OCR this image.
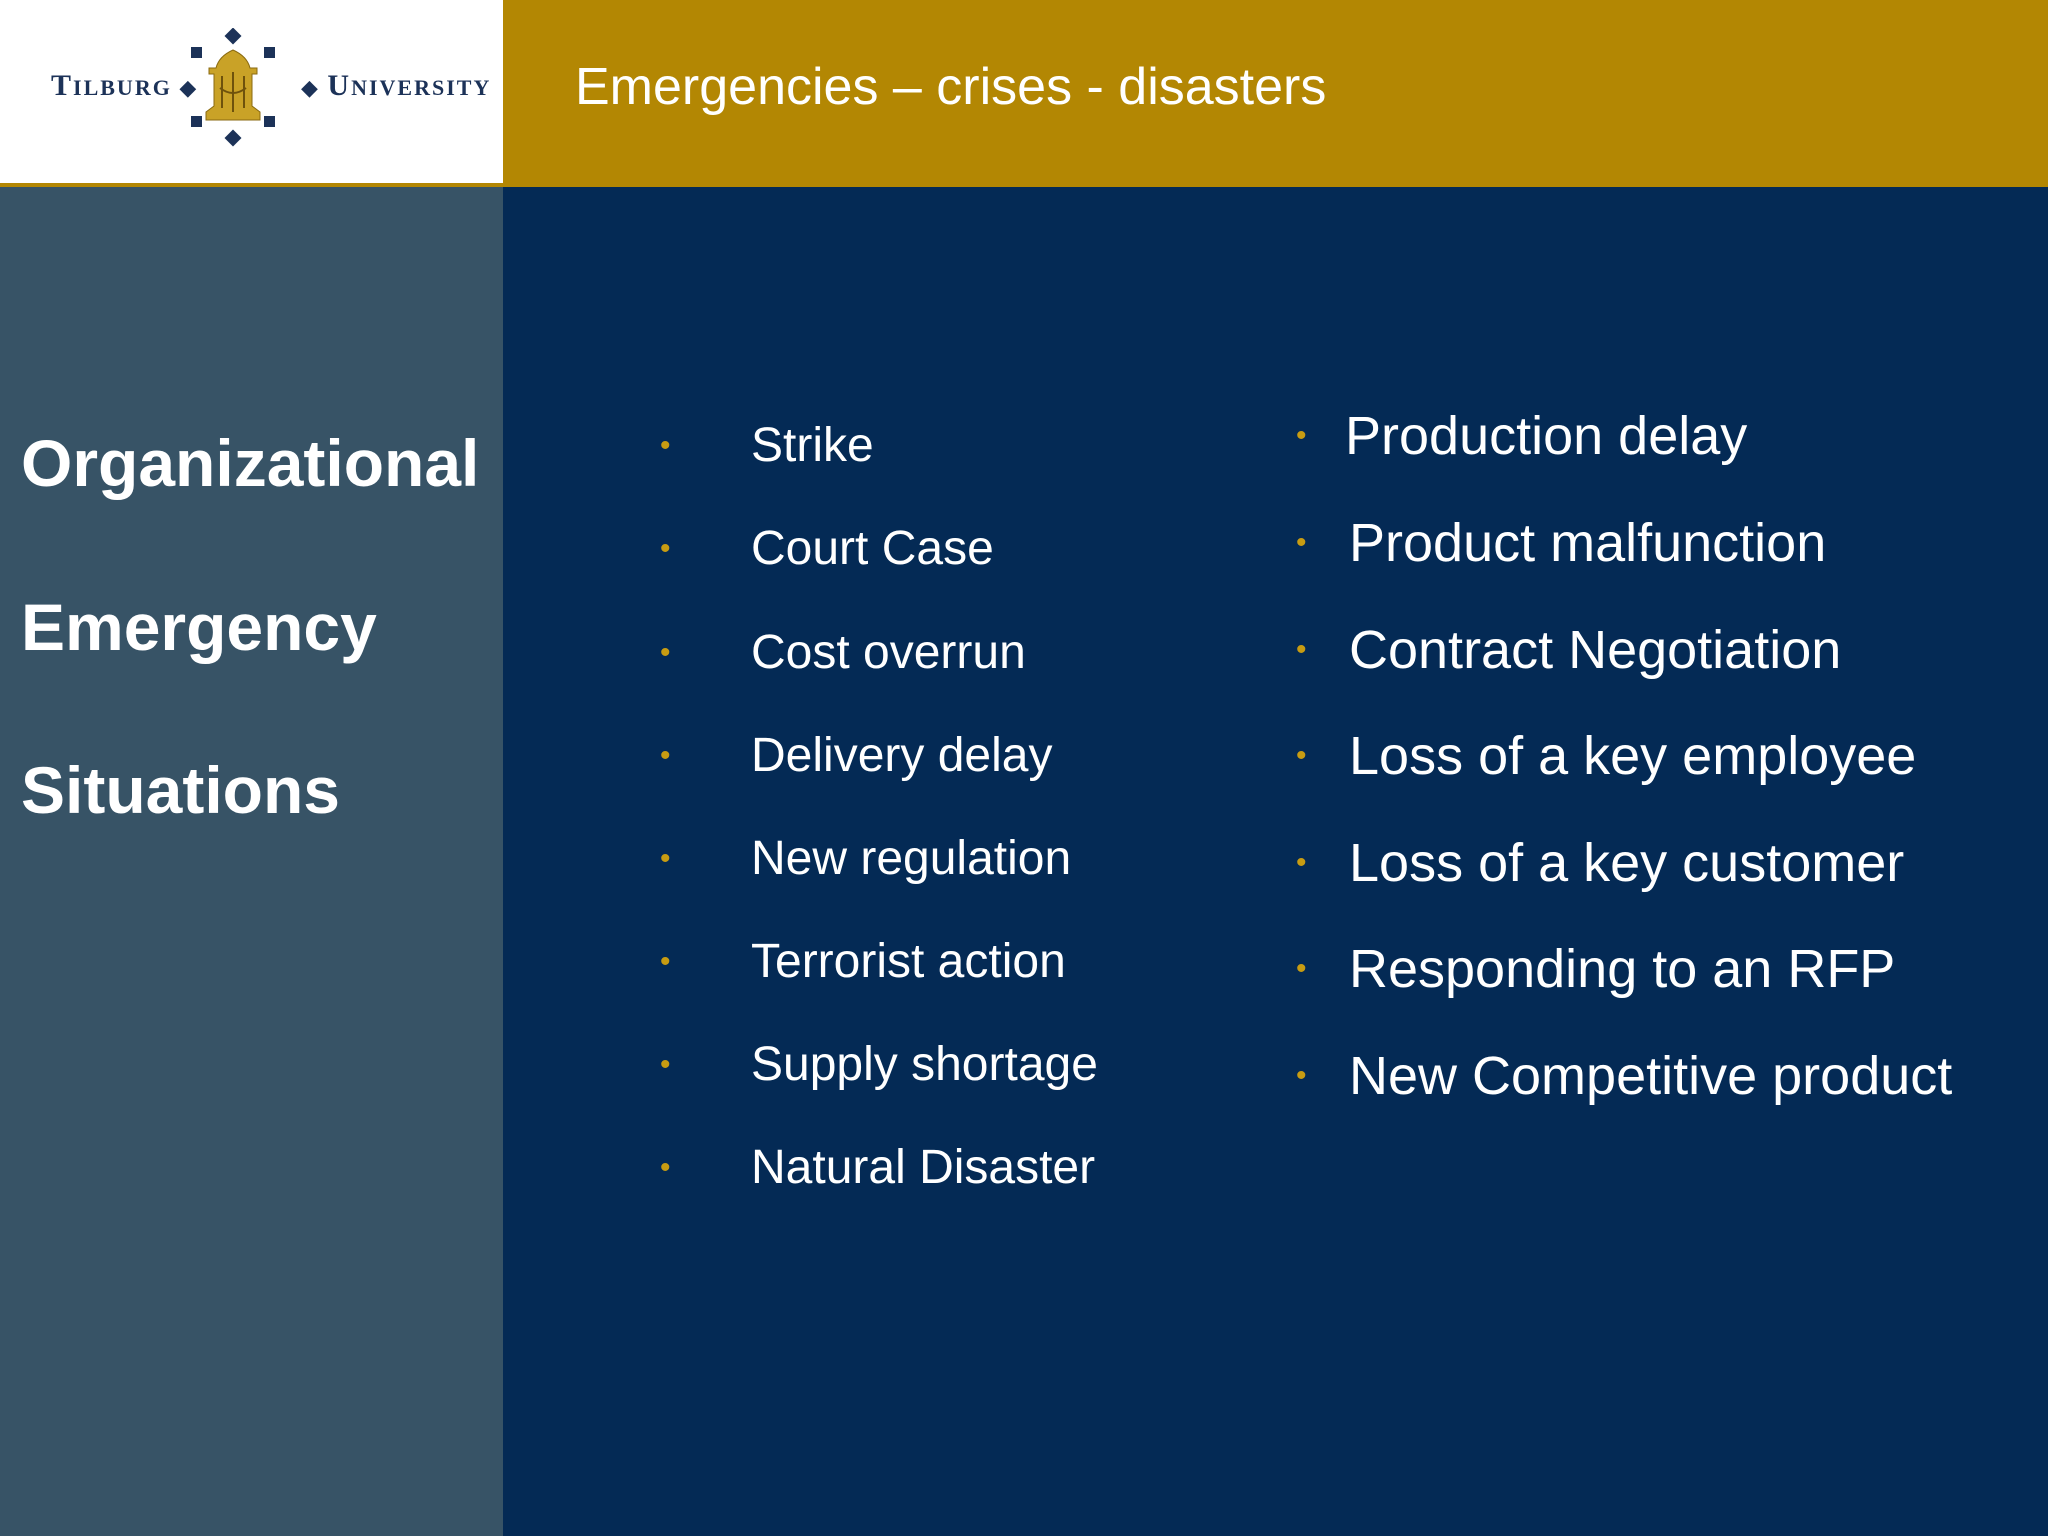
TILBURG ◆	◆ UNIVERSITY Emergencies – crises - disasters
Organizational
Emergency
Situations
• Strike
• Court Case
• Cost overrun
• Delivery delay
• New regulation
• Terrorist action
• Supply shortage
• Natural Disaster
• Production delay
• Product malfunction
• Contract Negotiation
• Loss of a key employee
• Loss of a key customer
• Responding to an RFP
• New Competitive product
